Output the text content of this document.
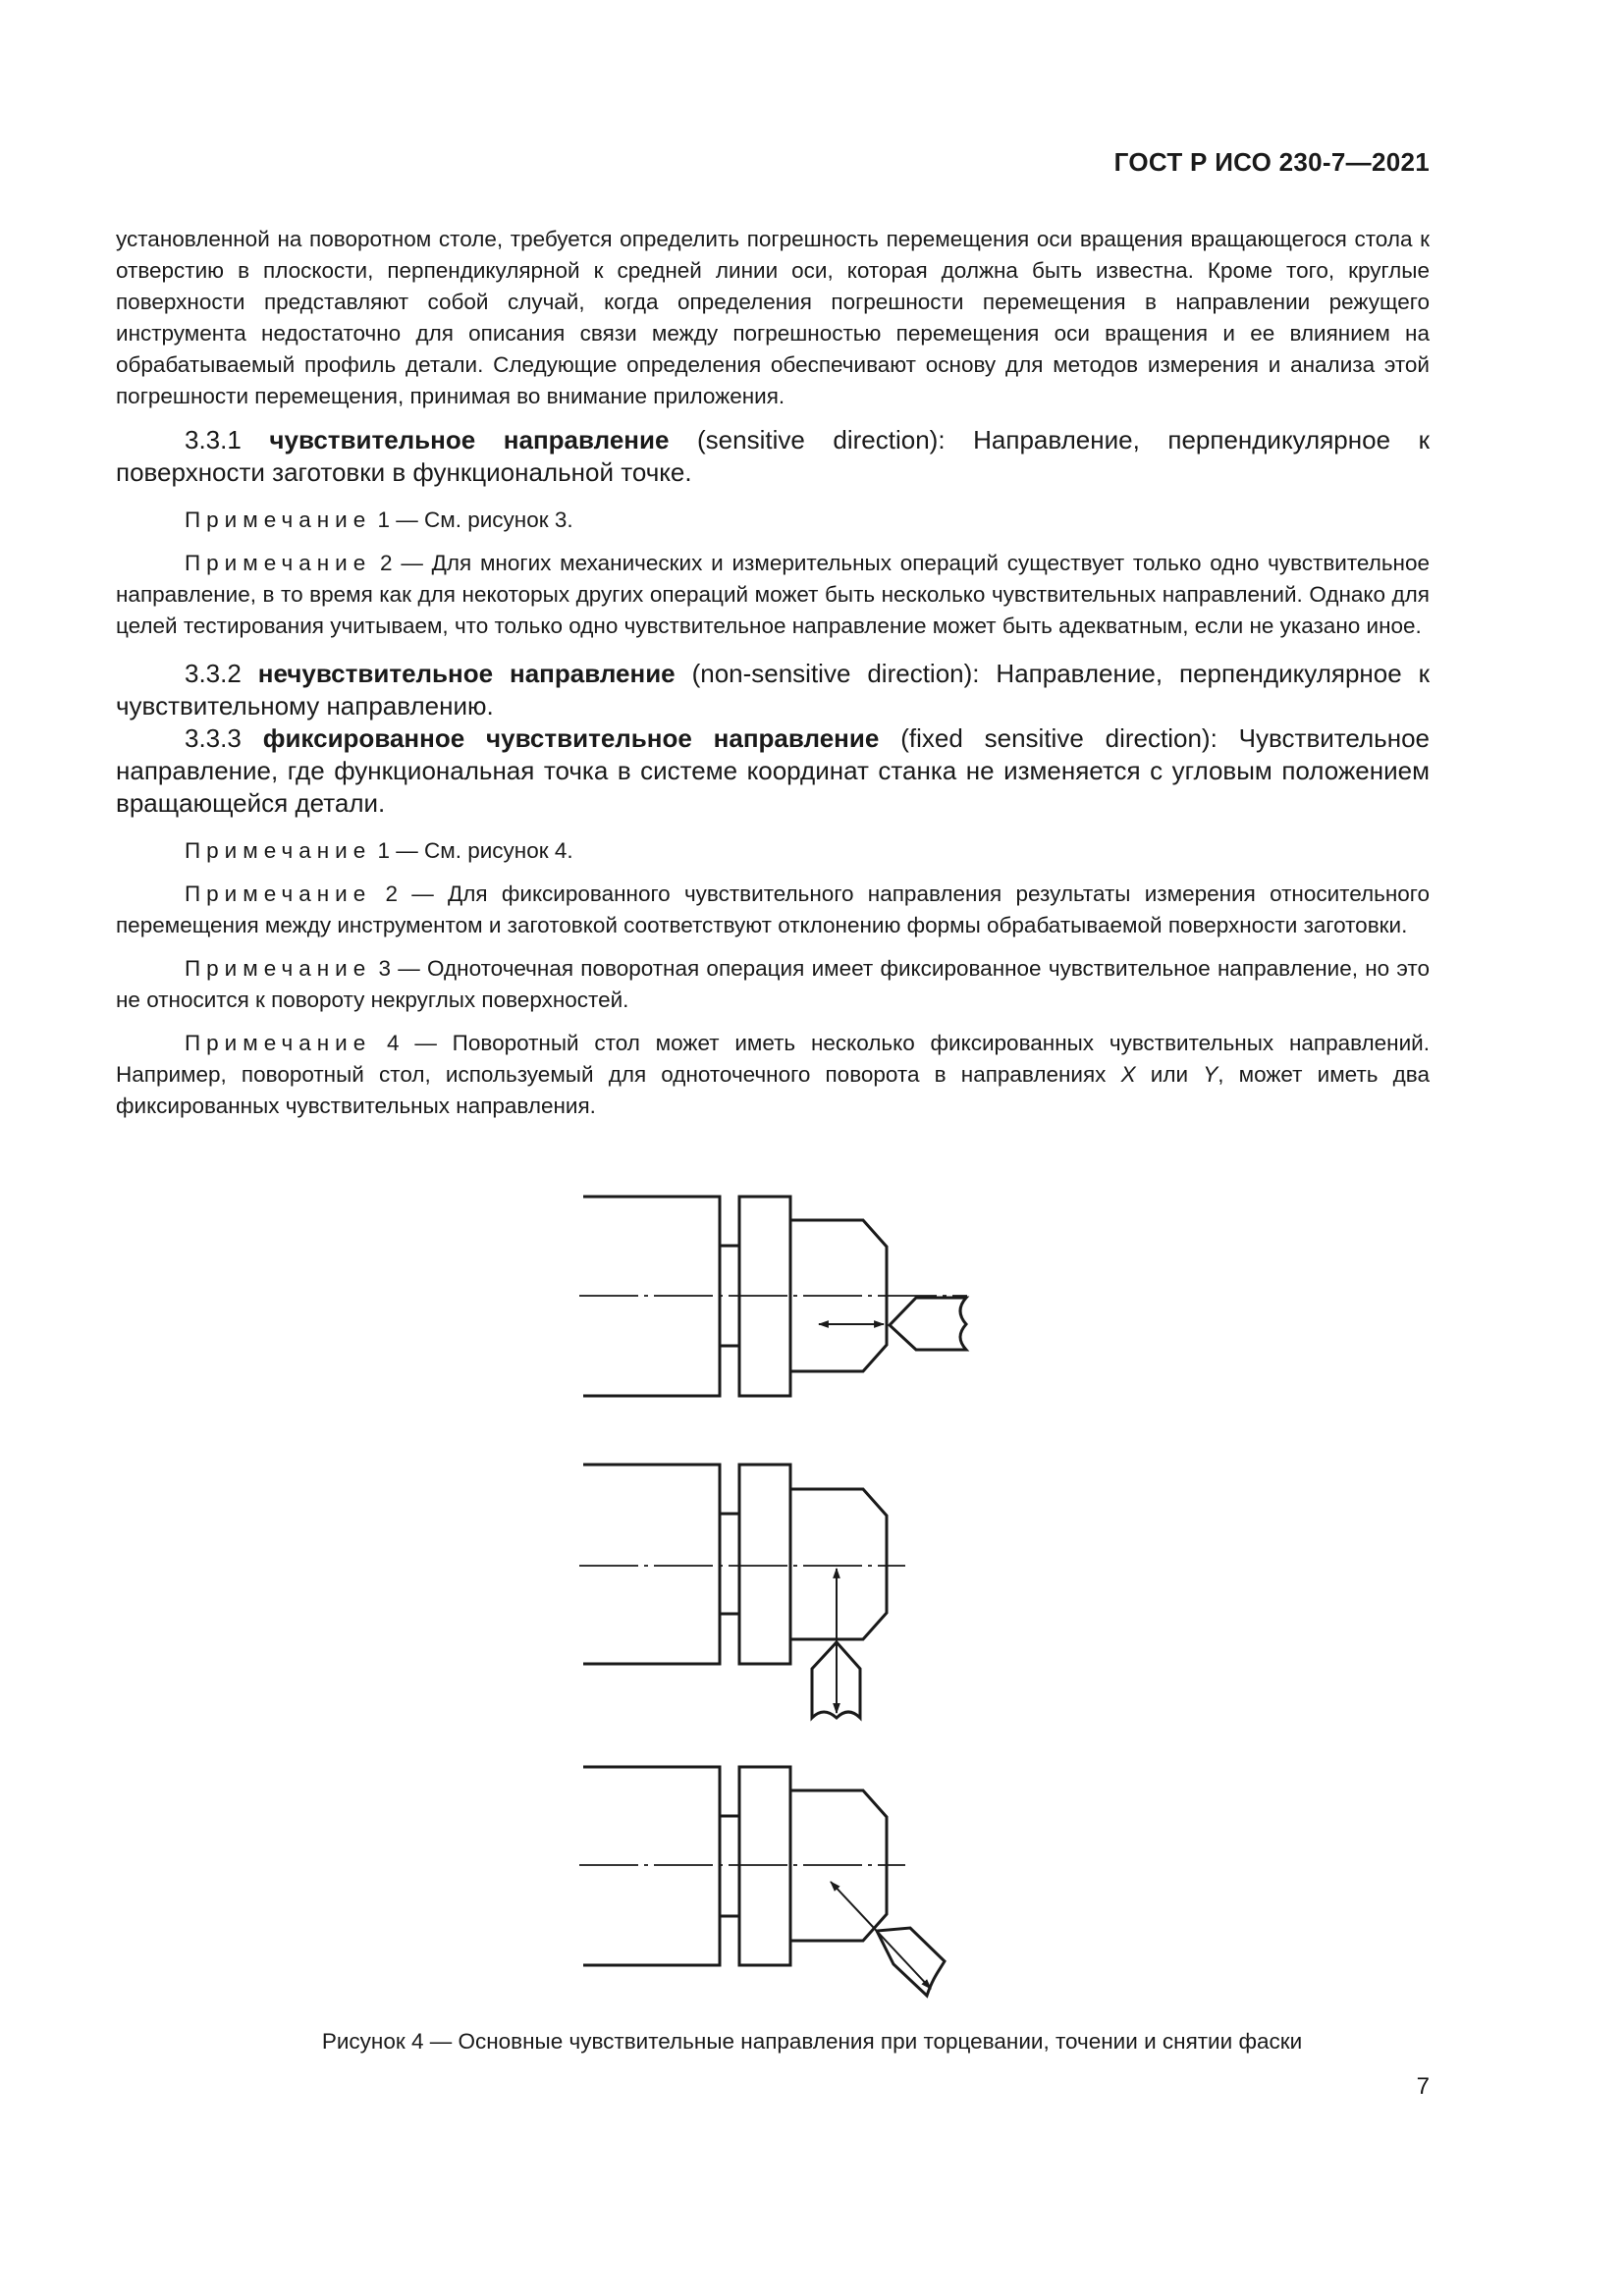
ГОСТ Р ИСО 230-7—2021

установленной на поворотном столе, требуется определить погрешность перемещения оси вращения вращающегося стола к отверстию в плоскости, перпендикулярной к средней линии оси, которая должна быть известна. Кроме того, круглые поверхности представляют собой случай, когда определения погрешности перемещения в направлении режущего инструмента недостаточно для описания связи между погрешностью перемещения оси вращения и ее влиянием на обрабатываемый профиль детали. Следующие определения обеспечивают основу для методов измерения и анализа этой погрешности перемещения, принимая во внимание приложения.

3.3.1 чувствительное направление (sensitive direction): Направление, перпендикулярное к поверхности заготовки в функциональной точке.

Примечание 1 — См. рисунок 3.

Примечание 2 — Для многих механических и измерительных операций существует только одно чувствительное направление, в то время как для некоторых других операций может быть несколько чувствительных направлений. Однако для целей тестирования учитываем, что только одно чувствительное направление может быть адекватным, если не указано иное.

3.3.2 нечувствительное направление (non-sensitive direction): Направление, перпендикулярное к чувствительному направлению.

3.3.3 фиксированное чувствительное направление (fixed sensitive direction): Чувствительное направление, где функциональная точка в системе координат станка не изменяется с угловым положением вращающейся детали.

Примечание 1 — См. рисунок 4.

Примечание 2 — Для фиксированного чувствительного направления результаты измерения относительного перемещения между инструментом и заготовкой соответствуют отклонению формы обрабатываемой поверхности заготовки.

Примечание 3 — Одноточечная поворотная операция имеет фиксированное чувствительное направление, но это не относится к повороту некруглых поверхностей.

Примечание 4 — Поворотный стол может иметь несколько фиксированных чувствительных направлений. Например, поворотный стол, используемый для одноточечного поворота в направлениях X или Y, может иметь два фиксированных чувствительных направления.

Рисунок 4 — Основные чувствительные направления при торцевании, точении и снятии фаски
7
